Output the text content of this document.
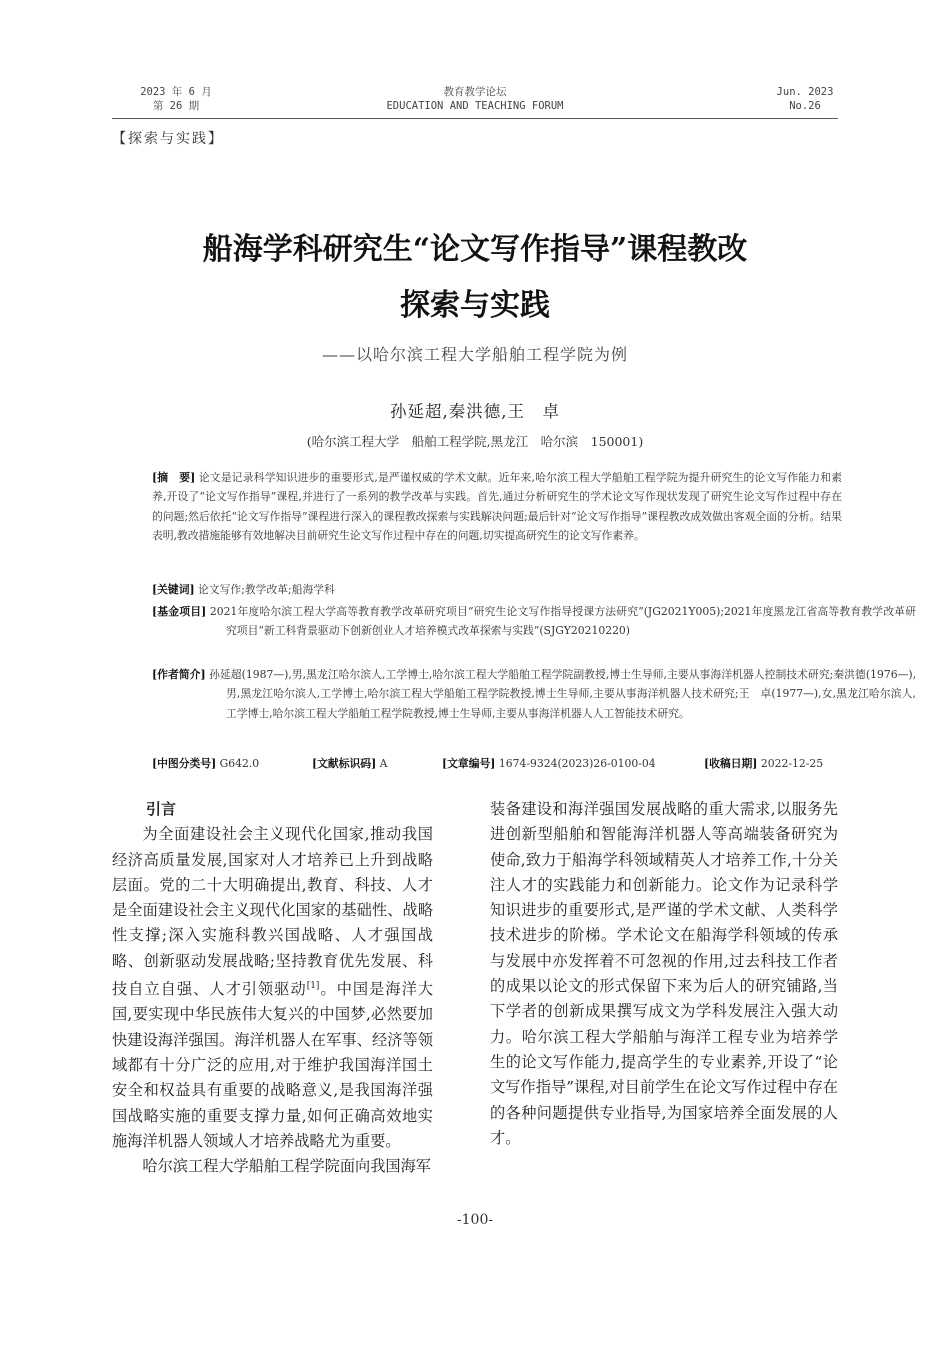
2023 年 6 月
第 26 期
教育教学论坛
EDUCATION AND TEACHING FORUM
Jun. 2023
No.26
【探索与实践】
船海学科研究生“论文写作指导”课程教改
探索与实践
——以哈尔滨工程大学船舶工程学院为例
孙延超,秦洪德,王　卓
(哈尔滨工程大学　船舶工程学院,黑龙江　哈尔滨　150001)
[摘　要] 论文是记录科学知识进步的重要形式,是严谨权威的学术文献。近年来,哈尔滨工程大学船舶工程学院为提升研究生的论文写作能力和素养,开设了“论文写作指导”课程,并进行了一系列的教学改革与实践。首先,通过分析研究生的学术论文写作现状发现了研究生论文写作过程中存在的问题;然后依托“论文写作指导”课程进行深入的课程教改探索与实践解决问题;最后针对“论文写作指导”课程教改成效做出客观全面的分析。结果表明,教改措施能够有效地解决目前研究生论文写作过程中存在的问题,切实提高研究生的论文写作素养。
[关键词] 论文写作;教学改革;船海学科
[基金项目] 2021年度哈尔滨工程大学高等教育教学改革研究项目“研究生论文写作指导授课方法研究”(JG2021Y005);2021年度黑龙江省高等教育教学改革研究项目“新工科背景驱动下创新创业人才培养模式改革探索与实践”(SJGY20210220)
[作者简介] 孙延超(1987—),男,黑龙江哈尔滨人,工学博士,哈尔滨工程大学船舶工程学院副教授,博士生导师,主要从事海洋机器人控制技术研究;秦洪德(1976—),男,黑龙江哈尔滨人,工学博士,哈尔滨工程大学船舶工程学院教授,博士生导师,主要从事海洋机器人技术研究;王　卓(1977—),女,黑龙江哈尔滨人,工学博士,哈尔滨工程大学船舶工程学院教授,博士生导师,主要从事海洋机器人人工智能技术研究。
[中图分类号] G642.0	[文献标识码] A	[文章编号] 1674-9324(2023)26-0100-04	[收稿日期] 2022-12-25
引言

为全面建设社会主义现代化国家,推动我国经济高质量发展,国家对人才培养已上升到战略层面。党的二十大明确提出,教育、科技、人才是全面建设社会主义现代化国家的基础性、战略性支撑;深入实施科教兴国战略、人才强国战略、创新驱动发展战略;坚持教育优先发展、科技自立自强、人才引领驱动[1]。中国是海洋大国,要实现中华民族伟大复兴的中国梦,必然要加快建设海洋强国。海洋机器人在军事、经济等领域都有十分广泛的应用,对于维护我国海洋国土安全和权益具有重要的战略意义,是我国海洋强国战略实施的重要支撑力量,如何正确高效地实施海洋机器人领域人才培养战略尤为重要。

哈尔滨工程大学船舶工程学院面向我国海军

装备建设和海洋强国发展战略的重大需求,以服务先进创新型船舶和智能海洋机器人等高端装备研究为使命,致力于船海学科领域精英人才培养工作,十分关注人才的实践能力和创新能力。论文作为记录科学知识进步的重要形式,是严谨的学术文献、人类科学技术进步的阶梯。学术论文在船海学科领域的传承与发展中亦发挥着不可忽视的作用,过去科技工作者的成果以论文的形式保留下来为后人的研究铺路,当下学者的创新成果撰写成文为学科发展注入强大动力。哈尔滨工程大学船舶与海洋工程专业为培养学生的论文写作能力,提高学生的专业素养,开设了“论文写作指导”课程,对目前学生在论文写作过程中存在的各种问题提供专业指导,为国家培养全面发展的人才。

-100-
